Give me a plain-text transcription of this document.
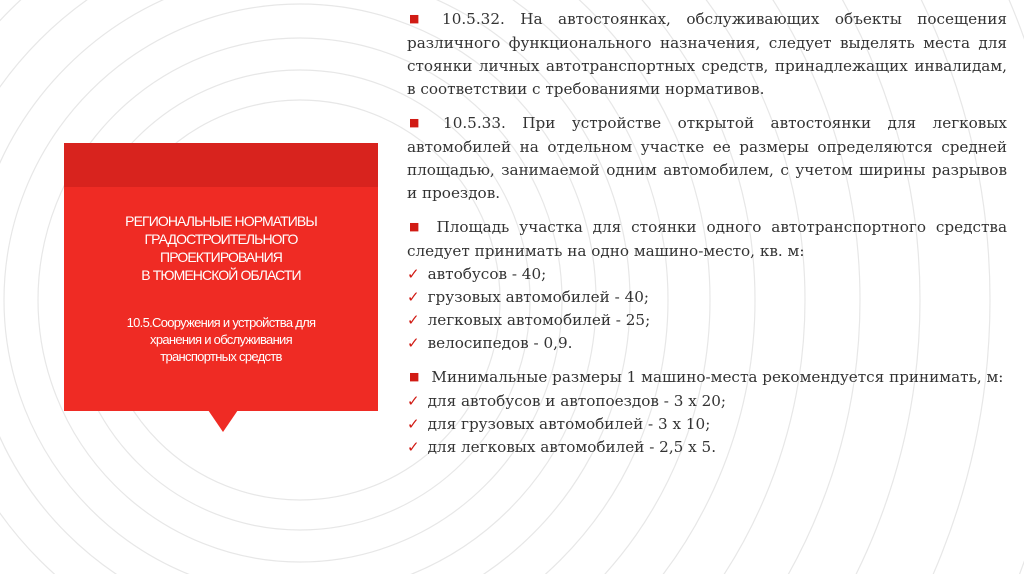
РЕГИОНАЛЬНЫЕ НОРМАТИВЫ
ГРАДОСТРОИТЕЛЬНОГО
ПРОЕКТИРОВАНИЯ
В ТЮМЕНСКОЙ ОБЛАСТИ
10.5.Сооружения и устройства для
хранения и обслуживания
транспортных средств

■ 10.5.32. На автостоянках, обслуживающих объекты посещения различного функционального назначения, следует выделять места для стоянки личных автотранспортных средств, принадлежащих инвалидам, в соответствии с требованиями нормативов.

■ 10.5.33. При устройстве открытой автостоянки для легковых автомобилей на отдельном участке ее размеры определяются средней площадью, занимаемой одним автомобилем, с учетом ширины разрывов и проездов.

■ Площадь участка для стоянки одного автотранспортного средства следует принимать на одно машино-место, кв. м:

✓ автобусов - 40;
✓ грузовых автомобилей - 40;
✓ легковых автомобилей - 25;
✓ велосипедов - 0,9.

■ Минимальные размеры 1 машино-места рекомендуется принимать, м:

✓ для автобусов и автопоездов - 3 х 20;
✓ для грузовых автомобилей - 3 х 10;
✓ для легковых автомобилей - 2,5 х 5.
